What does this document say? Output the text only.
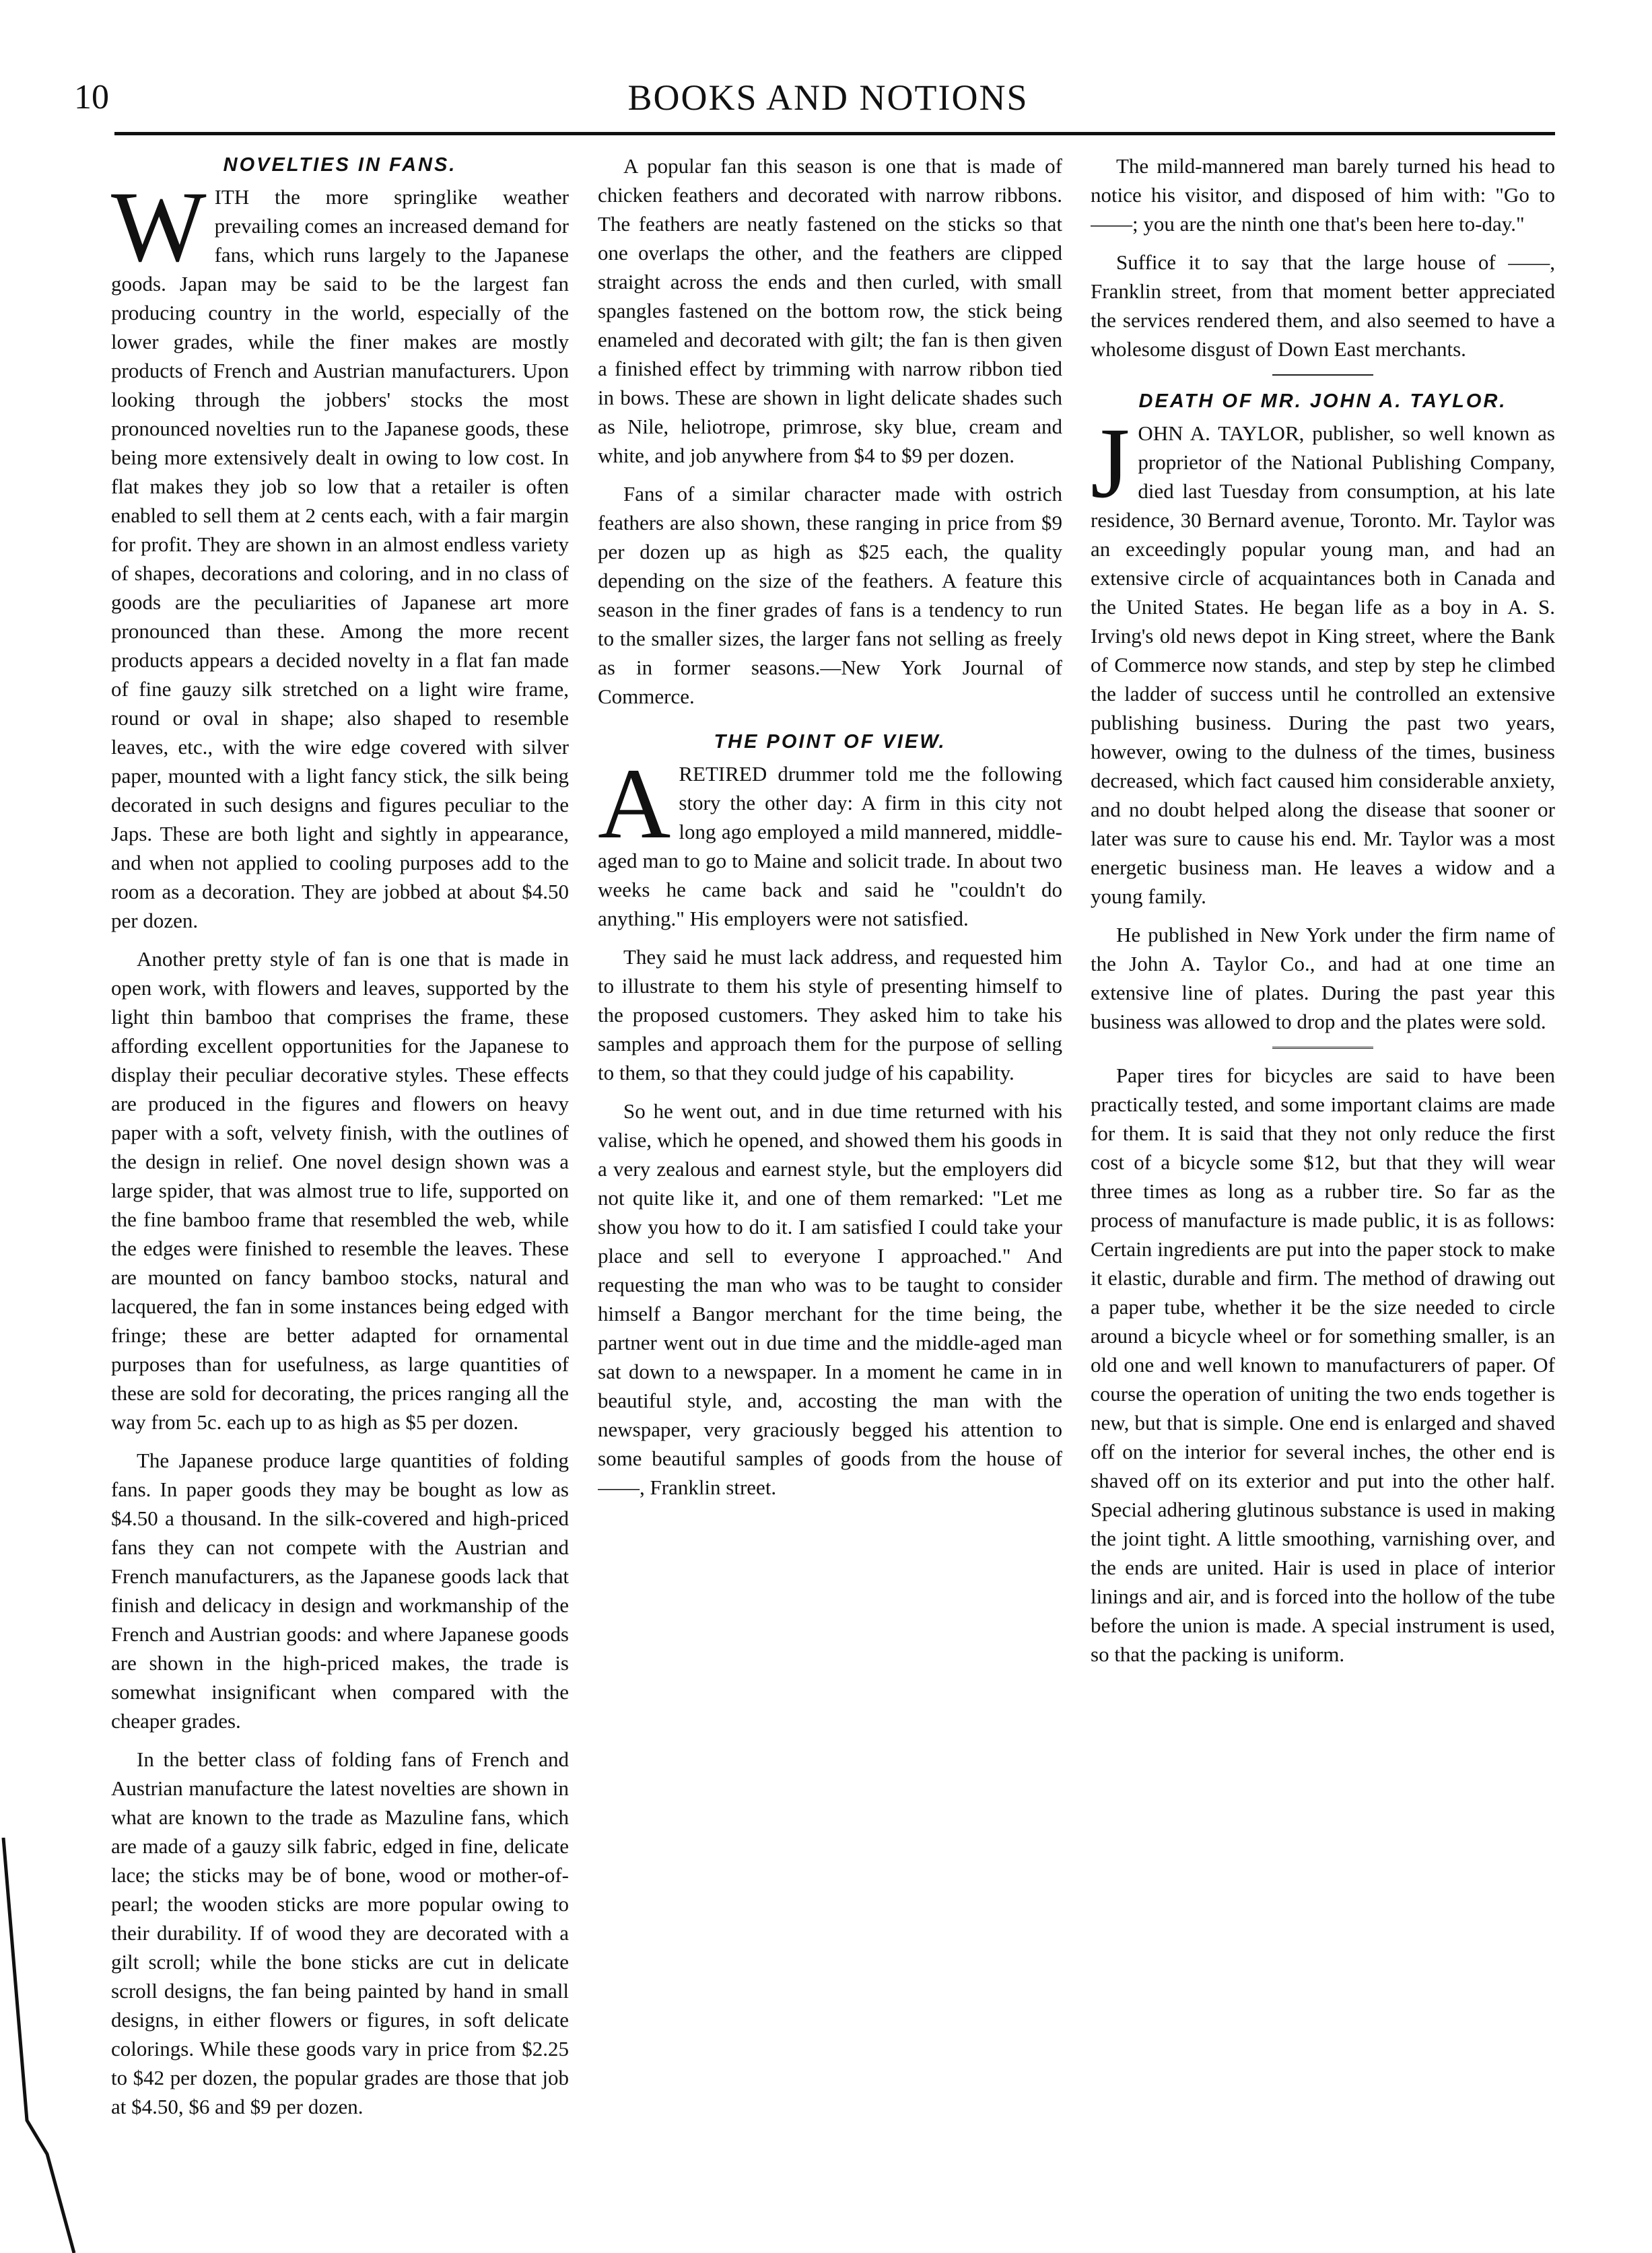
10	BOOKS AND NOTIONS
NOVELTIES IN FANS.

WITH the more springlike weather prevailing comes an increased demand for fans, which runs largely to the Japanese goods. Japan may be said to be the largest fan producing country in the world, especially of the lower grades, while the finer makes are mostly products of French and Austrian manufacturers. Upon looking through the jobbers' stocks the most pronounced novelties run to the Japanese goods, these being more extensively dealt in owing to low cost. In flat makes they job so low that a retailer is often enabled to sell them at 2 cents each, with a fair margin for profit. They are shown in an almost endless variety of shapes, decorations and coloring, and in no class of goods are the peculiarities of Japanese art more pronounced than these. Among the more recent products appears a decided novelty in a flat fan made of fine gauzy silk stretched on a light wire frame, round or oval in shape; also shaped to resemble leaves, etc., with the wire edge covered with silver paper, mounted with a light fancy stick, the silk being decorated in such designs and figures peculiar to the Japs. These are both light and sightly in appearance, and when not applied to cooling purposes add to the room as a decoration. They are jobbed at about $4.50 per dozen.

Another pretty style of fan is one that is made in open work, with flowers and leaves, supported by the light thin bamboo that comprises the frame, these affording excellent opportunities for the Japanese to display their peculiar decorative styles. These effects are produced in the figures and flowers on heavy paper with a soft, velvety finish, with the outlines of the design in relief. One novel design shown was a large spider, that was almost true to life, supported on the fine bamboo frame that resembled the web, while the edges were finished to resemble the leaves. These are mounted on fancy bamboo stocks, natural and lacquered, the fan in some instances being edged with fringe; these are better adapted for ornamental purposes than for usefulness, as large quantities of these are sold for decorating, the prices ranging all the way from 5c. each up to as high as $5 per dozen.

The Japanese produce large quantities of folding fans. In paper goods they may be bought as low as $4.50 a thousand. In the silk-covered and high-priced fans they can not compete with the Austrian and French manufacturers, as the Japanese goods lack that finish and delicacy in design and workmanship of the French and Austrian goods: and where Japanese goods are shown in the high-priced makes, the trade is somewhat insignificant when compared with the cheaper grades.

In the better class of folding fans of French and Austrian manufacture the latest novelties are shown in what are known to the trade as Mazuline fans, which are made of a gauzy silk fabric, edged in fine, delicate lace; the sticks may be of bone, wood or mother-of-pearl; the wooden sticks are more popular owing to their durability. If of wood they are decorated with a gilt scroll; while the bone sticks are cut in delicate scroll designs, the fan being painted by hand in small designs, in either flowers or figures, in soft delicate colorings. While these goods vary in price from $2.25 to $42 per dozen, the popular grades are those that job at $4.50, $6 and $9 per dozen.

A popular fan this season is one that is made of chicken feathers and decorated with narrow ribbons. The feathers are neatly fastened on the sticks so that one overlaps the other, and the feathers are clipped straight across the ends and then curled, with small spangles fastened on the bottom row, the stick being enameled and decorated with gilt; the fan is then given a finished effect by trimming with narrow ribbon tied in bows. These are shown in light delicate shades such as Nile, heliotrope, primrose, sky blue, cream and white, and job anywhere from $4 to $9 per dozen.

Fans of a similar character made with ostrich feathers are also shown, these ranging in price from $9 per dozen up as high as $25 each, the quality depending on the size of the feathers. A feature this season in the finer grades of fans is a tendency to run to the smaller sizes, the larger fans not selling as freely as in former seasons.—New York Journal of Commerce.

THE POINT OF VIEW.

ARETIRED drummer told me the following story the other day: A firm in this city not long ago employed a mild mannered, middle-aged man to go to Maine and solicit trade. In about two weeks he came back and said he "couldn't do anything." His employers were not satisfied.

They said he must lack address, and requested him to illustrate to them his style of presenting himself to the proposed customers. They asked him to take his samples and approach them for the purpose of selling to them, so that they could judge of his capability.

So he went out, and in due time returned with his valise, which he opened, and showed them his goods in a very zealous and earnest style, but the employers did not quite like it, and one of them remarked: "Let me show you how to do it. I am satisfied I could take your place and sell to everyone I approached." And requesting the man who was to be taught to consider himself a Bangor merchant for the time being, the partner went out in due time and the middle-aged man sat down to a newspaper. In a moment he came in in beautiful style, and, accosting the man with the newspaper, very graciously begged his attention to some beautiful samples of goods from the house of ——, Franklin street.

The mild-mannered man barely turned his head to notice his visitor, and disposed of him with: "Go to ——; you are the ninth one that's been here to-day."

Suffice it to say that the large house of ——, Franklin street, from that moment better appreciated the services rendered them, and also seemed to have a wholesome disgust of Down East merchants.

DEATH OF MR. JOHN A. TAYLOR.

JOHN A. TAYLOR, publisher, so well known as proprietor of the National Publishing Company, died last Tuesday from consumption, at his late residence, 30 Bernard avenue, Toronto. Mr. Taylor was an exceedingly popular young man, and had an extensive circle of acquaintances both in Canada and the United States. He began life as a boy in A. S. Irving's old news depot in King street, where the Bank of Commerce now stands, and step by step he climbed the ladder of success until he controlled an extensive publishing business. During the past two years, however, owing to the dulness of the times, business decreased, which fact caused him considerable anxiety, and no doubt helped along the disease that sooner or later was sure to cause his end. Mr. Taylor was a most energetic business man. He leaves a widow and a young family.

He published in New York under the firm name of the John A. Taylor Co., and had at one time an extensive line of plates. During the past year this business was allowed to drop and the plates were sold.

Paper tires for bicycles are said to have been practically tested, and some important claims are made for them. It is said that they not only reduce the first cost of a bicycle some $12, but that they will wear three times as long as a rubber tire. So far as the process of manufacture is made public, it is as follows: Certain ingredients are put into the paper stock to make it elastic, durable and firm. The method of drawing out a paper tube, whether it be the size needed to circle around a bicycle wheel or for something smaller, is an old one and well known to manufacturers of paper. Of course the operation of uniting the two ends together is new, but that is simple. One end is enlarged and shaved off on the interior for several inches, the other end is shaved off on its exterior and put into the other half. Special adhering glutinous substance is used in making the joint tight. A little smoothing, varnishing over, and the ends are united. Hair is used in place of interior linings and air, and is forced into the hollow of the tube before the union is made. A special instrument is used, so that the packing is uniform.
